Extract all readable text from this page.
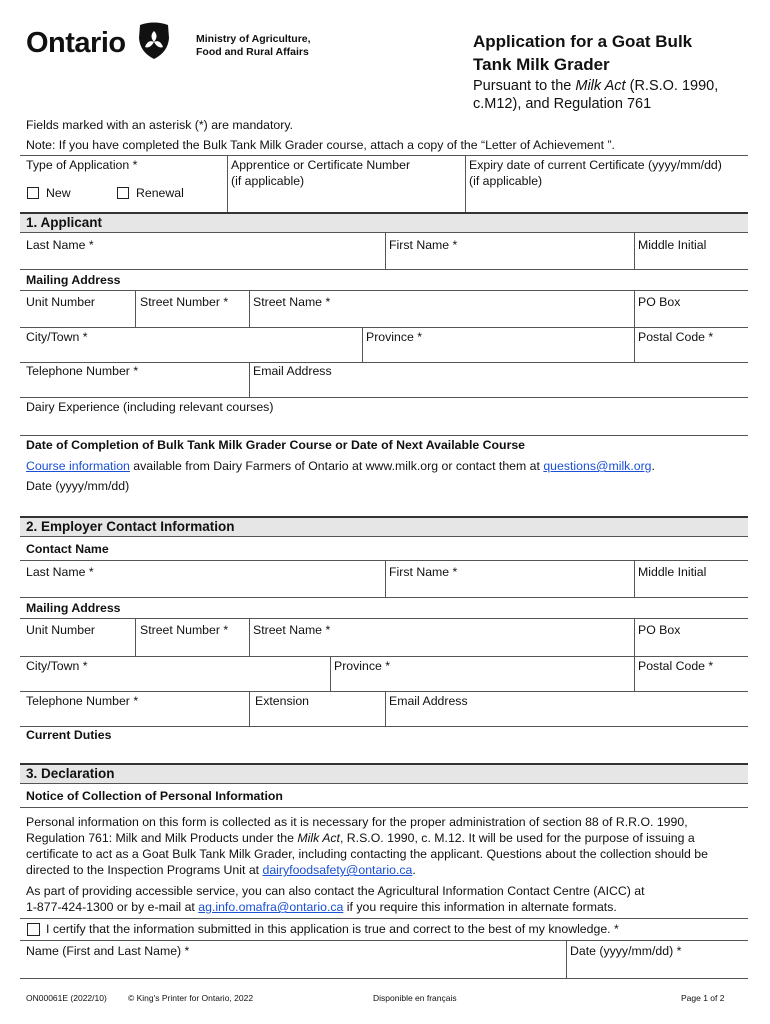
Ontario	Ministry of Agriculture,
Food and Rural Affairs
Application for a Goat Bulk
Tank Milk Grader
Pursuant to the Milk Act (R.S.O. 1990,
c.M12), and Regulation 761
Fields marked with an asterisk (*) are mandatory.
Note: If you have completed the Bulk Tank Milk Grader course, attach a copy of the “Letter of Achievement ”.
Type of Application *
New	Renewal
Apprentice or Certificate Number
(if applicable)
Expiry date of current Certificate (yyyy/mm/dd)
(if applicable)
1. Applicant
Last Name *	First Name *	Middle Initial
Mailing Address
Unit Number	Street Number * Street Name *	PO Box
City/Town *	Province *	Postal Code *
Telephone Number *	Email Address
Dairy Experience (including relevant courses)
Date of Completion of Bulk Tank Milk Grader Course or Date of Next Available Course
Course information available from Dairy Farmers of Ontario at www.milk.org or contact them at questions@milk.org.
Date (yyyy/mm/dd)
2. Employer Contact Information
Contact Name
Last Name *	First Name *	Middle Initial
Mailing Address
Unit Number	Street Number * Street Name *	PO Box
City/Town *	Province *	Postal Code *
Telephone Number *	Extension	Email Address
Current Duties
3. Declaration
Notice of Collection of Personal Information
Personal information on this form is collected as it is necessary for the proper administration of section 88 of R.R.O. 1990,
Regulation 761: Milk and Milk Products under the Milk Act, R.S.O. 1990, c. M.12. It will be used for the purpose of issuing a
certificate to act as a Goat Bulk Tank Milk Grader, including contacting the applicant. Questions about the collection should be
directed to the Inspection Programs Unit at dairyfoodsafety@ontario.ca.
As part of providing accessible service, you can also contact the Agricultural Information Contact Centre (AICC) at
1-877-424-1300 or by e-mail at ag.info.omafra@ontario.ca if you require this information in alternate formats.
I certify that the information submitted in this application is true and correct to the best of my knowledge. *
Name (First and Last Name) *	Date (yyyy/mm/dd) *
ON00061E (2022/10) © King's Printer for Ontario, 2022	Disponible en français	Page 1 of 2
